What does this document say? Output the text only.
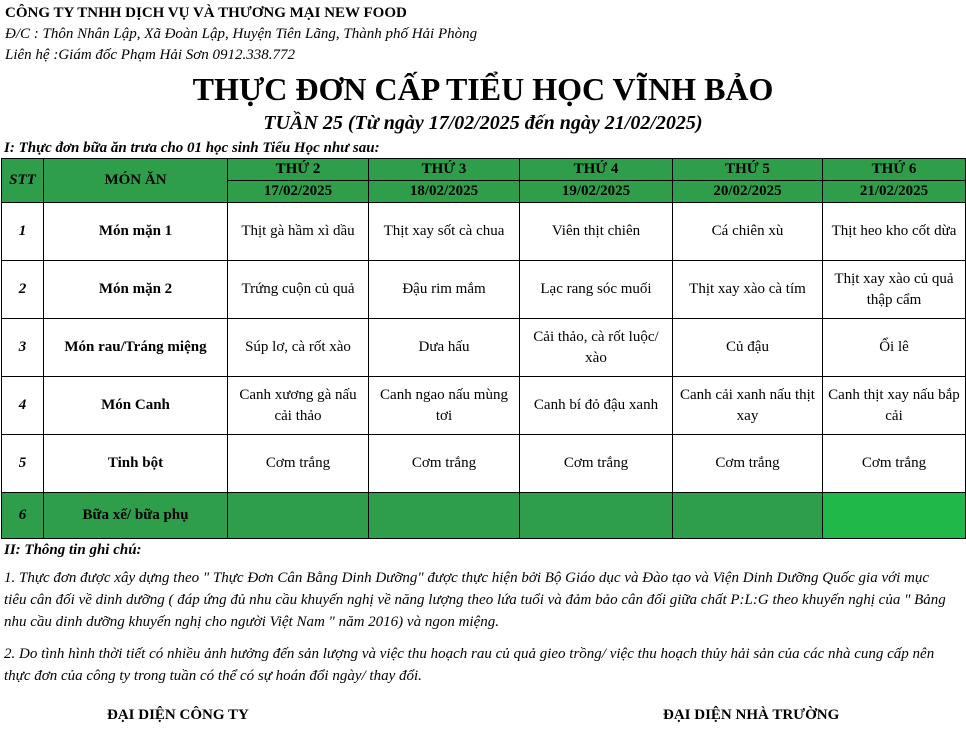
CÔNG TY TNHH DỊCH VỤ VÀ THƯƠNG MẠI NEW FOOD
Đ/C : Thôn Nhân Lập, Xã Đoàn Lập, Huyện Tiên Lãng, Thành phố Hải Phòng
Liên hệ :Giám đốc Phạm Hải Sơn 0912.338.772
THỰC ĐƠN CẤP TIỂU HỌC VĨNH BẢO
TUẦN 25 (Từ ngày 17/02/2025 đến ngày 21/02/2025)
I: Thực đơn bữa ăn trưa cho 01 học sinh Tiểu Học như sau:
STT	MÓN ĂN	THỨ 2	THỨ 3	THỨ 4	THỨ 5	THỨ 6
		17/02/2025	18/02/2025	19/02/2025	20/02/2025	21/02/2025
1	Món mặn 1	Thịt gà hầm xì dầu	Thịt xay sốt cà chua	Viên thịt chiên	Cá chiên xù	Thịt heo kho cốt dừa
2	Món mặn 2	Trứng cuộn củ quả	Đậu rim mắm	Lạc rang sóc muối	Thịt xay xào cà tím	Thịt xay xào củ quả thập cẩm
3	Món rau/Tráng miệng	Súp lơ, cà rốt xào	Dưa hấu	Cải thảo, cà rốt luộc/ xào	Củ đậu	Ổi lê
4	Món Canh	Canh xương gà nấu cải thảo	Canh ngao nấu mùng tơi	Canh bí đỏ đậu xanh	Canh cải xanh nấu thịt xay	Canh thịt xay nấu bắp cải
5	Tinh bột	Cơm trắng	Cơm trắng	Cơm trắng	Cơm trắng	Cơm trắng
6	Bữa xế/ bữa phụ					
II: Thông tin ghi chú:
1. Thực đơn được xây dựng theo " Thực Đơn Cân Bằng Dinh Dưỡng" được thực hiện bởi Bộ Giáo dục và Đào tạo và Viện Dinh Dưỡng Quốc gia với mục tiêu cân đối về dinh dưỡng ( đáp ứng đủ nhu cầu khuyến nghị về năng lượng theo lứa tuổi và đảm bảo cân đối giữa chất P:L:G theo khuyến nghị của " Bảng nhu cầu dinh dưỡng khuyến nghị cho người Việt Nam " năm 2016) và ngon miệng.
2. Do tình hình thời tiết có nhiều ảnh hưởng đến sản lượng và việc thu hoạch rau củ quả gieo trồng/ việc thu hoạch thủy hải sản của các nhà cung cấp nên thực đơn của công ty trong tuần có thể có sự hoán đổi ngày/ thay đổi.
ĐẠI DIỆN CÔNG TY	ĐẠI DIỆN NHÀ TRƯỜNG
